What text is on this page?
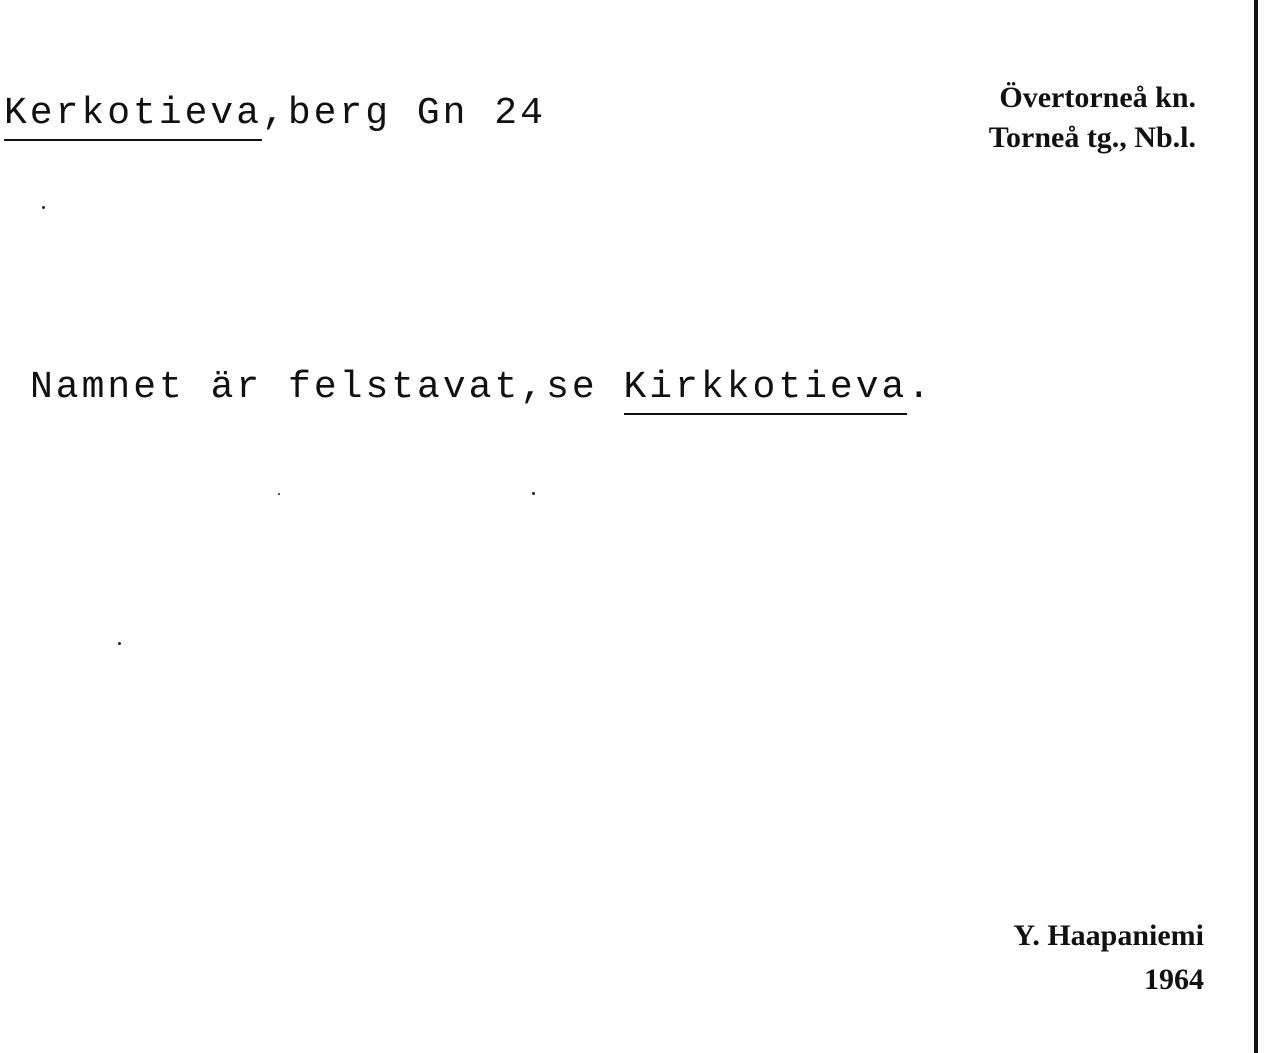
Kerkotieva,berg Gn 24	Övertorneå kn.
Torneå tg., Nb.l.
Namnet är felstavat,se Kirkkotieva.
Y. Haapaniemi
1964
